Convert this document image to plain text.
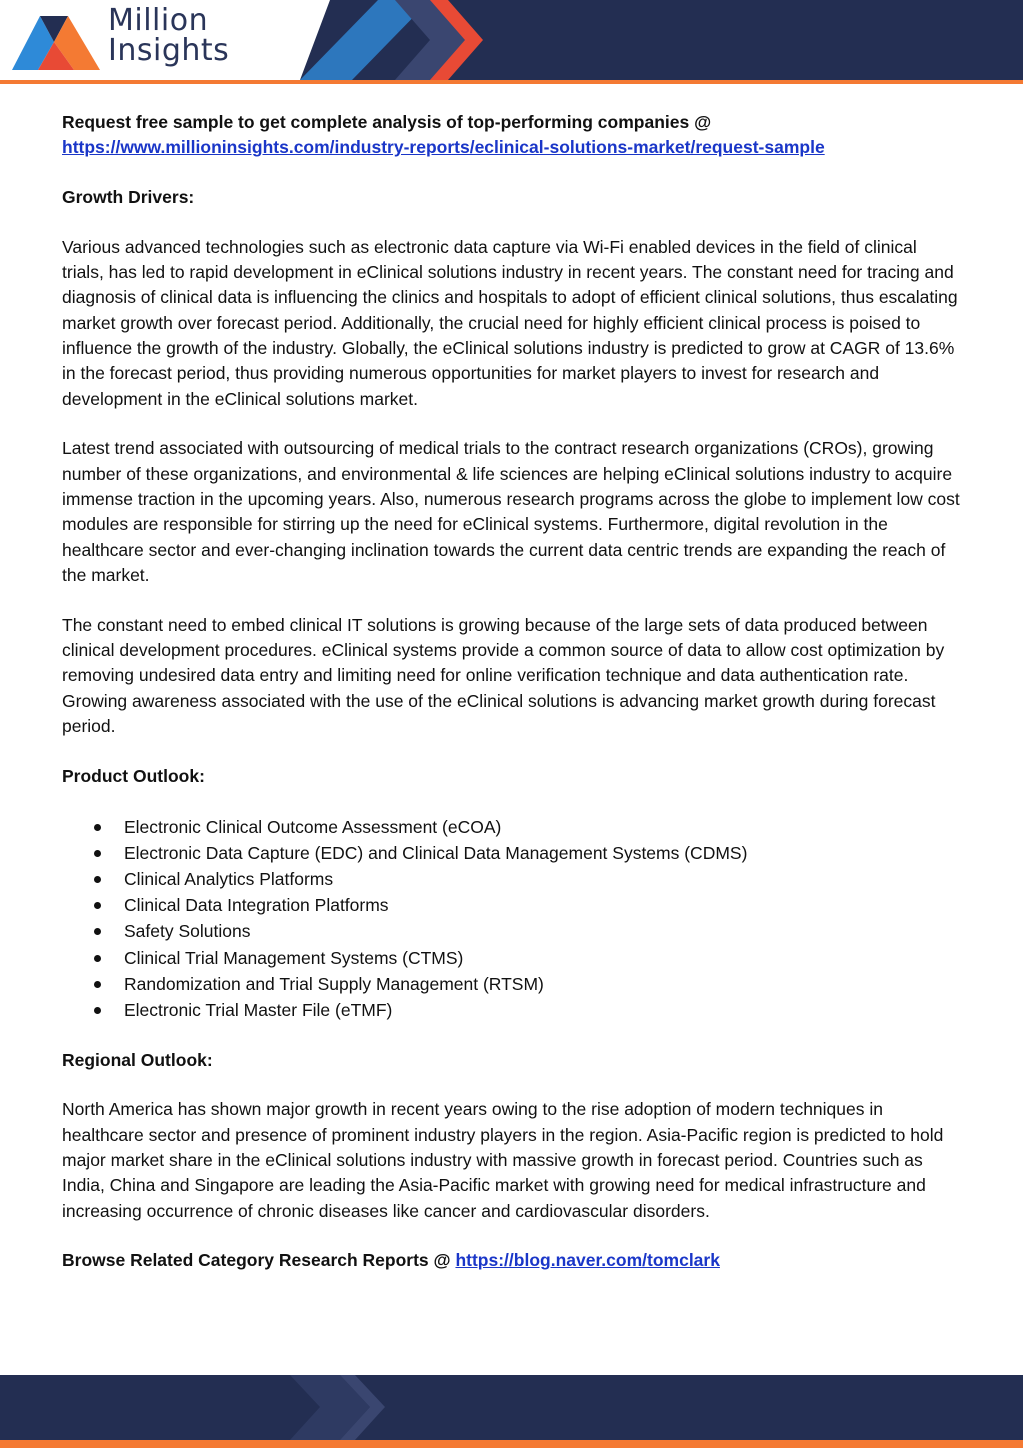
Million
Insights

Request free sample to get complete analysis of top-performing companies @
https://www.millioninsights.com/industry-reports/eclinical-solutions-market/request-sample

Growth Drivers:

Various advanced technologies such as electronic data capture via Wi-Fi enabled devices in the field of clinical trials, has led to rapid development in eClinical solutions industry in recent years. The constant need for tracing and diagnosis of clinical data is influencing the clinics and hospitals to adopt of efficient clinical solutions, thus escalating market growth over forecast period. Additionally, the crucial need for highly efficient clinical process is poised to influence the growth of the industry. Globally, the eClinical solutions industry is predicted to grow at CAGR of 13.6% in the forecast period, thus providing numerous opportunities for market players to invest for research and development in the eClinical solutions market.

Latest trend associated with outsourcing of medical trials to the contract research organizations (CROs), growing number of these organizations, and environmental & life sciences are helping eClinical solutions industry to acquire immense traction in the upcoming years. Also, numerous research programs across the globe to implement low cost modules are responsible for stirring up the need for eClinical systems. Furthermore, digital revolution in the healthcare sector and ever-changing inclination towards the current data centric trends are expanding the reach of the market.

The constant need to embed clinical IT solutions is growing because of the large sets of data produced between clinical development procedures. eClinical systems provide a common source of data to allow cost optimization by removing undesired data entry and limiting need for online verification technique and data authentication rate. Growing awareness associated with the use of the eClinical solutions is advancing market growth during forecast period.

Product Outlook:

Electronic Clinical Outcome Assessment (eCOA)
Electronic Data Capture (EDC) and Clinical Data Management Systems (CDMS)
Clinical Analytics Platforms
Clinical Data Integration Platforms
Safety Solutions
Clinical Trial Management Systems (CTMS)
Randomization and Trial Supply Management (RTSM)
Electronic Trial Master File (eTMF)

Regional Outlook:

North America has shown major growth in recent years owing to the rise adoption of modern techniques in healthcare sector and presence of prominent industry players in the region. Asia-Pacific region is predicted to hold major market share in the eClinical solutions industry with massive growth in forecast period. Countries such as India, China and Singapore are leading the Asia-Pacific market with growing need for medical infrastructure and increasing occurrence of chronic diseases like cancer and cardiovascular disorders.

Browse Related Category Research Reports @ https://blog.naver.com/tomclark
